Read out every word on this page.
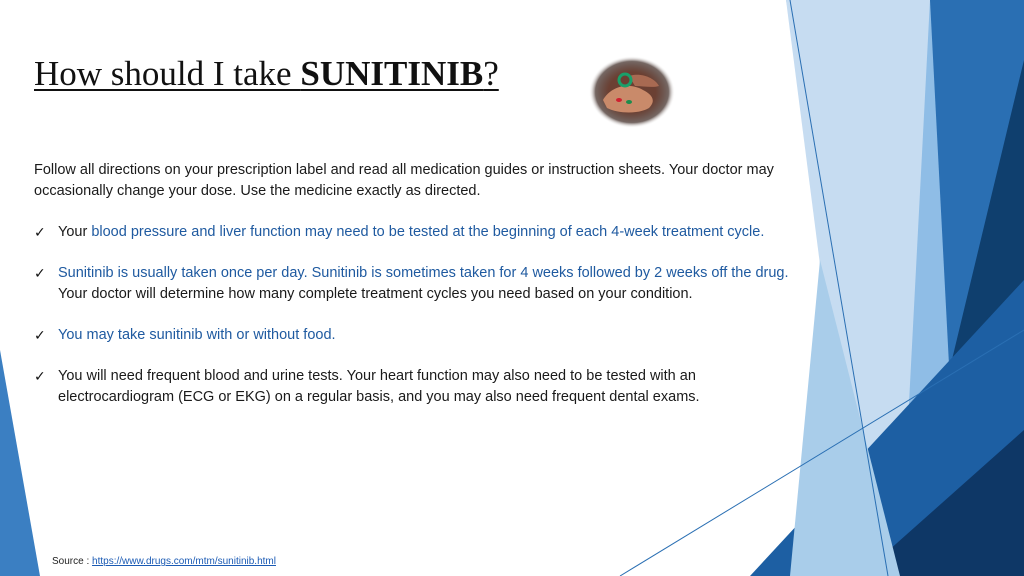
How should I take SUNITINIB?

Follow all directions on your prescription label and read all medication guides or instruction sheets. Your doctor may occasionally change your dose. Use the medicine exactly as directed.

✓ Your blood pressure and liver function may need to be tested at the beginning of each 4-week treatment cycle.
✓ Sunitinib is usually taken once per day. Sunitinib is sometimes taken for 4 weeks followed by 2 weeks off the drug. Your doctor will determine how many complete treatment cycles you need based on your condition.
✓ You may take sunitinib with or without food.
✓ You will need frequent blood and urine tests. Your heart function may also need to be tested with an electrocardiogram (ECG or EKG) on a regular basis, and you may also need frequent dental exams.
Source : https://www.drugs.com/mtm/sunitinib.html
